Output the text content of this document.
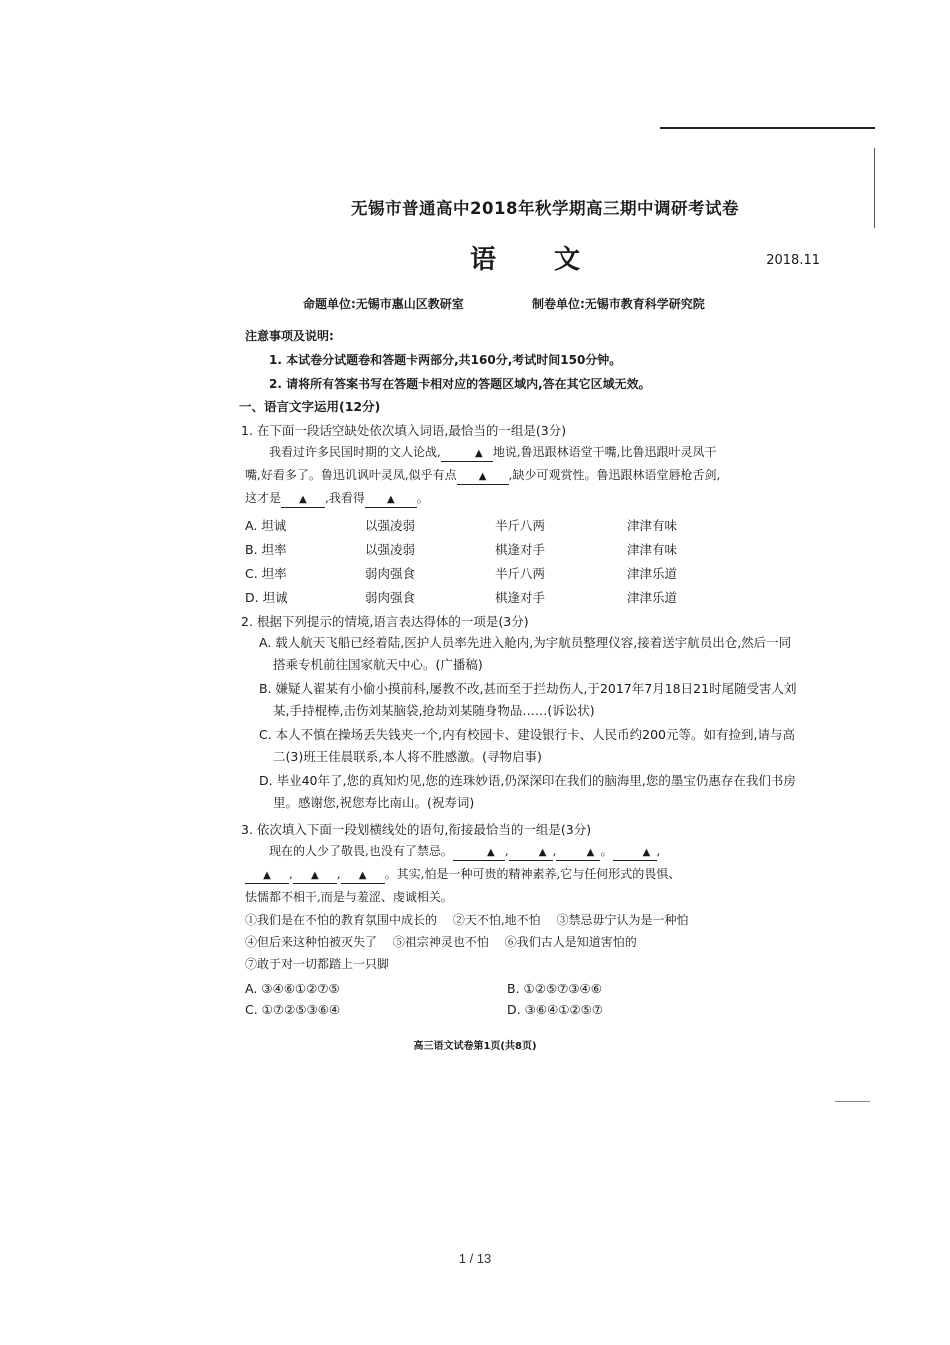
无锡市普通高中2018年秋学期高三期中调研考试卷
语文	2018.11
命题单位:无锡市惠山区教研室	制卷单位:无锡市教育科学研究院
注意事项及说明:
1. 本试卷分试题卷和答题卡两部分,共160分,考试时间150分钟。
2. 请将所有答案书写在答题卡相对应的答题区域内,答在其它区域无效。
一、语言文字运用(12分)
1. 在下面一段话空缺处依次填入词语,最恰当的一组是(3分)
我看过许多民国时期的文人论战,	▲ 地说,鲁迅跟林语堂干嘴,比鲁迅跟叶灵凤干
嘴,好看多了。鲁迅讥讽叶灵凤,似乎有点 ▲ ,缺少可观赏性。鲁迅跟林语堂唇枪舌剑,
这才是 ▲ ,我看得 ▲ 。
A. 坦诚	以强凌弱	半斤八两	津津有味
B. 坦率	以强凌弱	棋逢对手	津津有味
C. 坦率	弱肉强食	半斤八两	津津乐道
D. 坦诚	弱肉强食	棋逢对手	津津乐道
2. 根据下列提示的情境,语言表达得体的一项是(3分)
A. 载人航天飞船已经着陆,医护人员率先进入舱内,为宇航员整理仪容,接着送宇航员出仓,然后一同搭乘专机前往国家航天中心。(广播稿)
B. 嫌疑人翟某有小偷小摸前科,屡教不改,甚而至于拦劫伤人,于2017年7月18日21时尾随受害人刘某,手持棍棒,击伤刘某脑袋,抢劫刘某随身物品……(诉讼状)
C. 本人不慎在操场丢失钱夹一个,内有校园卡、建设银行卡、人民币约200元等。如有捡到,请与高二(3)班王佳晨联系,本人将不胜感激。(寻物启事)
D. 毕业40年了,您的真知灼见,您的连珠妙语,仍深深印在我们的脑海里,您的墨宝仍惠存在我们书房里。感谢您,祝您寿比南山。(祝寿词)
3. 依次填入下面一段划横线处的语句,衔接最恰当的一组是(3分)
现在的人少了敬畏,也没有了禁忌。	▲ ,	▲ ,	▲ 。	▲ ,
▲ , ▲ , ▲ 。其实,怕是一种可贵的精神素养,它与任何形式的畏惧、
怯懦都不相干,而是与羞涩、虔诚相关。
①我们是在不怕的教育氛围中成长的 ②天不怕,地不怕 ③禁忌毋宁认为是一种怕
④但后来这种怕被灭失了 ⑤祖宗神灵也不怕 ⑥我们古人是知道害怕的
⑦敢于对一切都踏上一只脚
A. ③④⑥①②⑦⑤	B. ①②⑤⑦③④⑥
C. ①⑦②⑤③⑥④	D. ③⑥④①②⑤⑦
高三语文试卷第1页(共8页)
1 / 13
